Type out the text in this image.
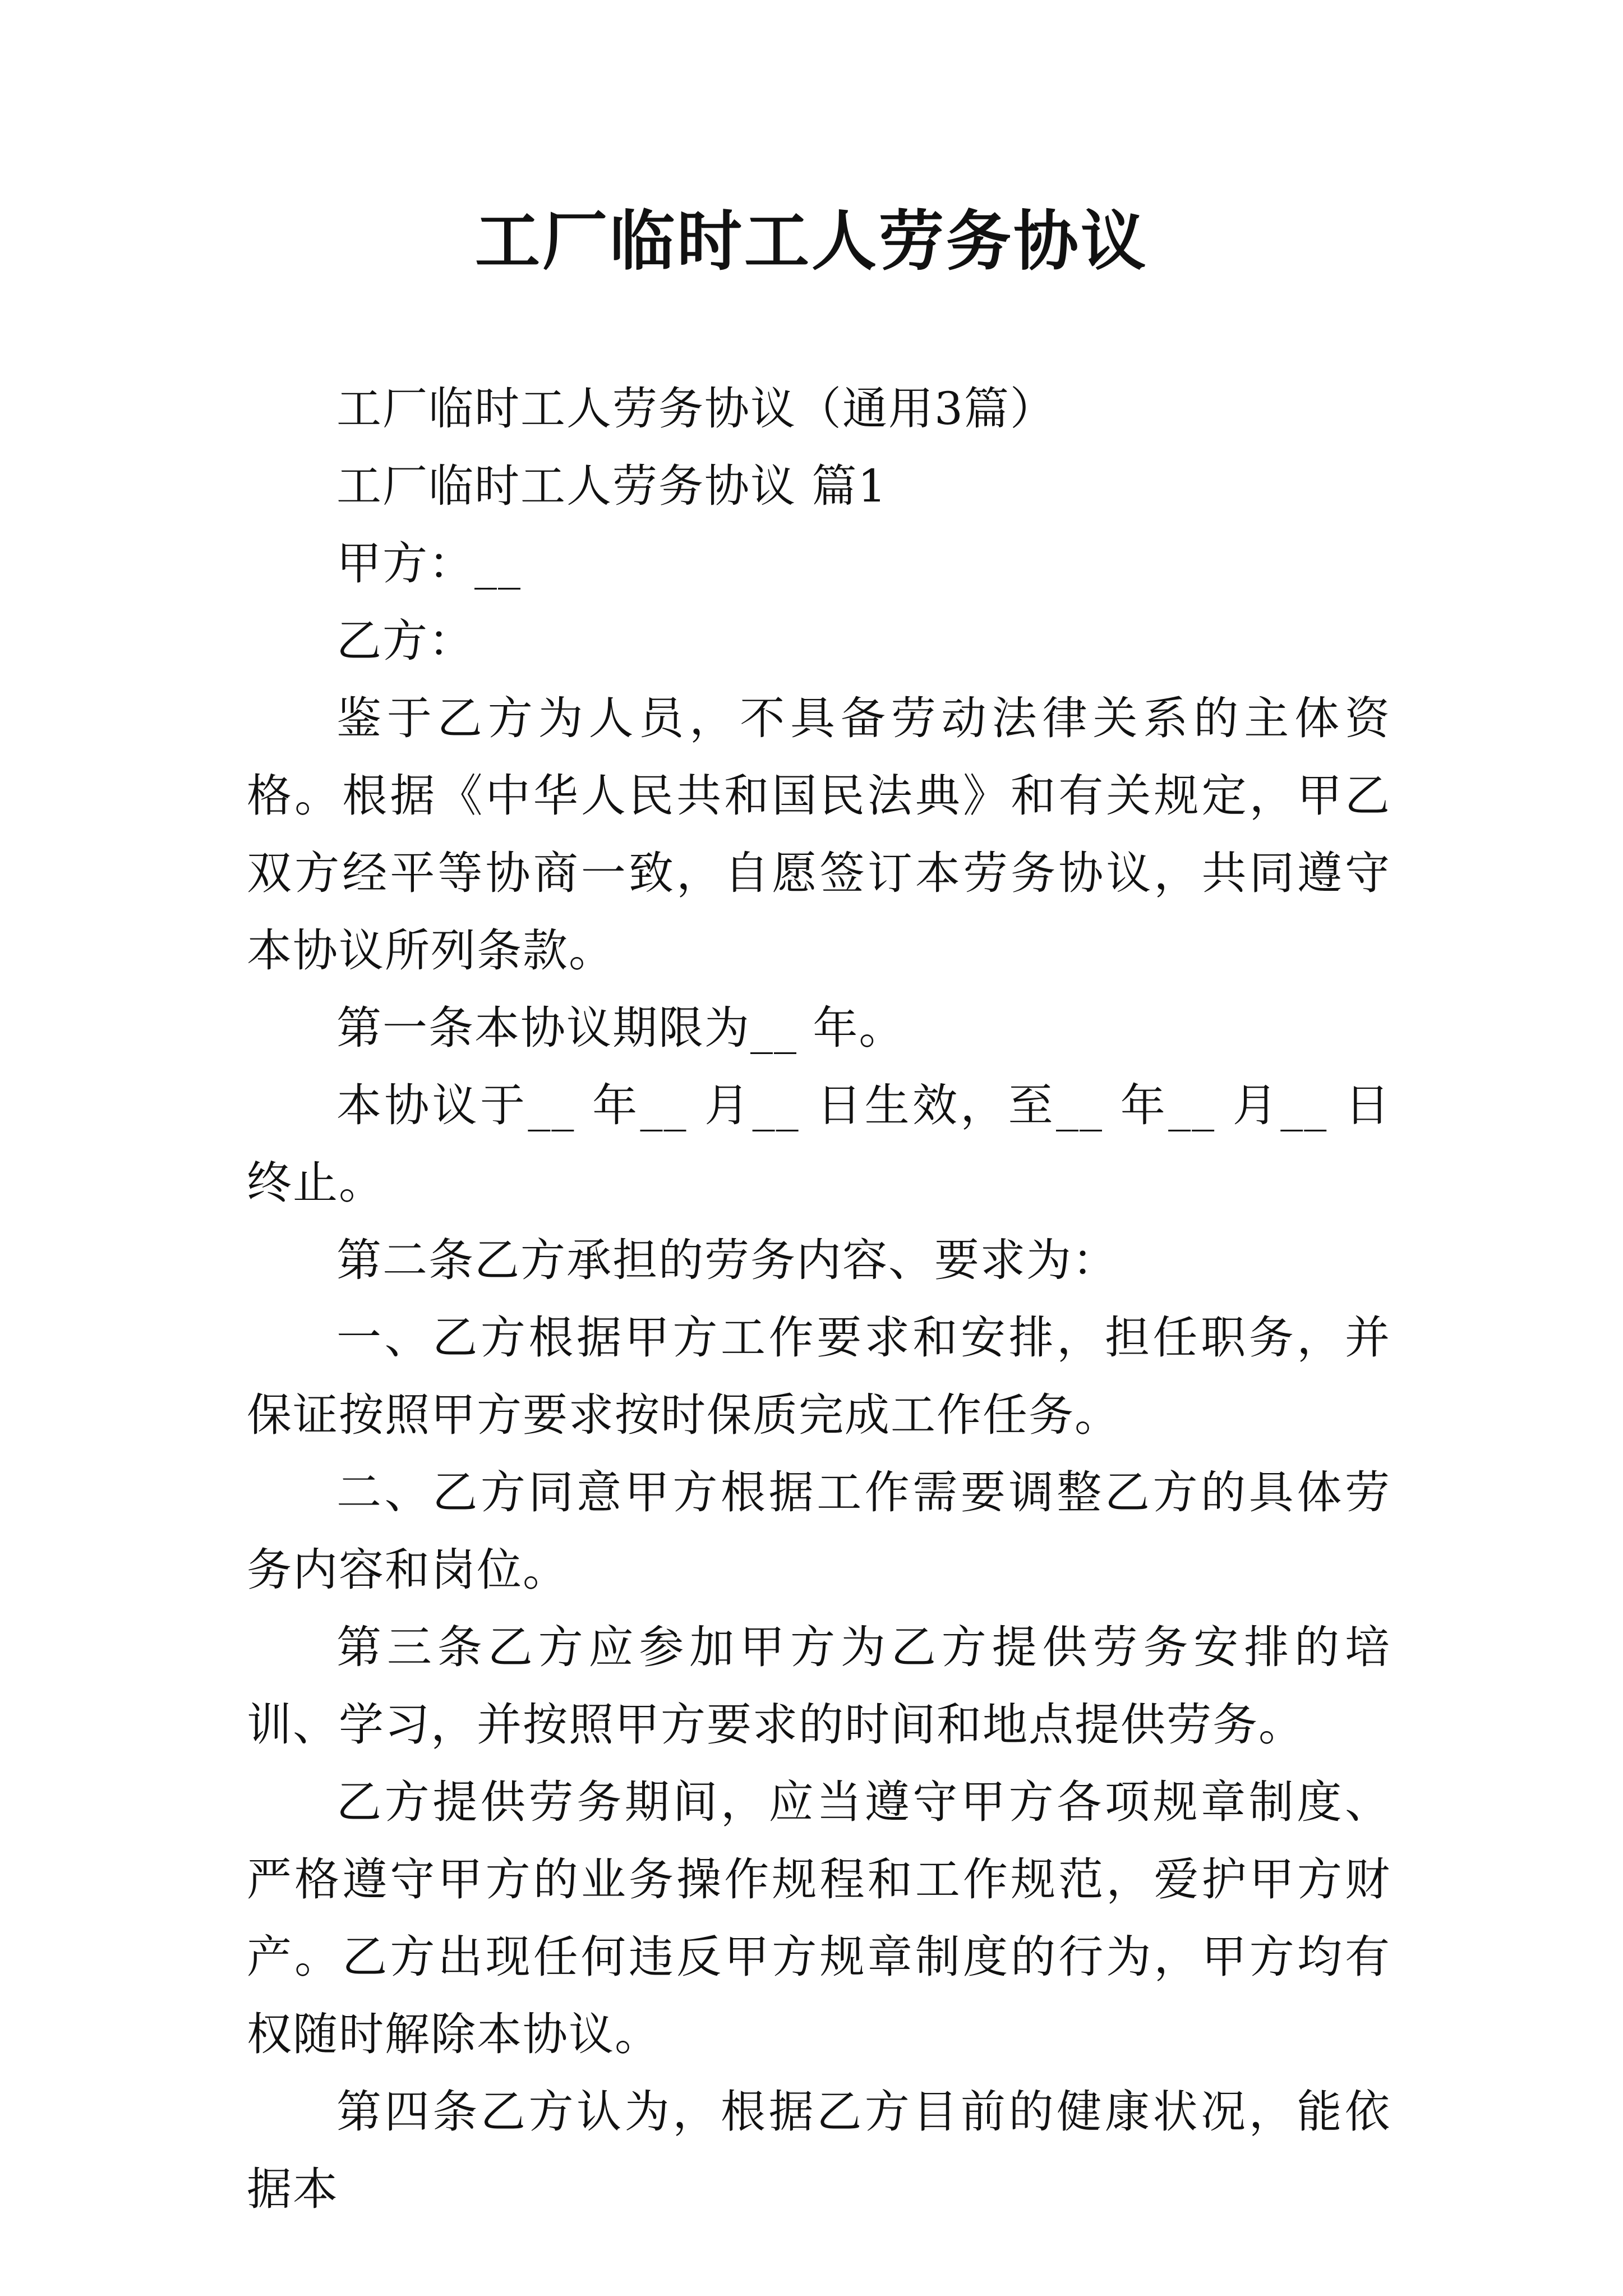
工厂临时工人劳务协议

工厂临时工人劳务协议（通用3篇）

工厂临时工人劳务协议 篇1

甲方：__

乙方：

鉴于乙方为人员，不具备劳动法律关系的主体资格。根据《中华人民共和国民法典》和有关规定，甲乙双方经平等协商一致，自愿签订本劳务协议，共同遵守本协议所列条款。

第一条本协议期限为__ 年。

本协议于__ 年__ 月__ 日生效，至__ 年__ 月__ 日终止。

第二条乙方承担的劳务内容、要求为：

一、乙方根据甲方工作要求和安排，担任职务，并保证按照甲方要求按时保质完成工作任务。

二、乙方同意甲方根据工作需要调整乙方的具体劳务内容和岗位。

第三条乙方应参加甲方为乙方提供劳务安排的培训、学习，并按照甲方要求的时间和地点提供劳务。

乙方提供劳务期间，应当遵守甲方各项规章制度、严格遵守甲方的业务操作规程和工作规范，爱护甲方财产。乙方出现任何违反甲方规章制度的行为，甲方均有权随时解除本协议。

第四条乙方认为，根据乙方目前的健康状况，能依据本
